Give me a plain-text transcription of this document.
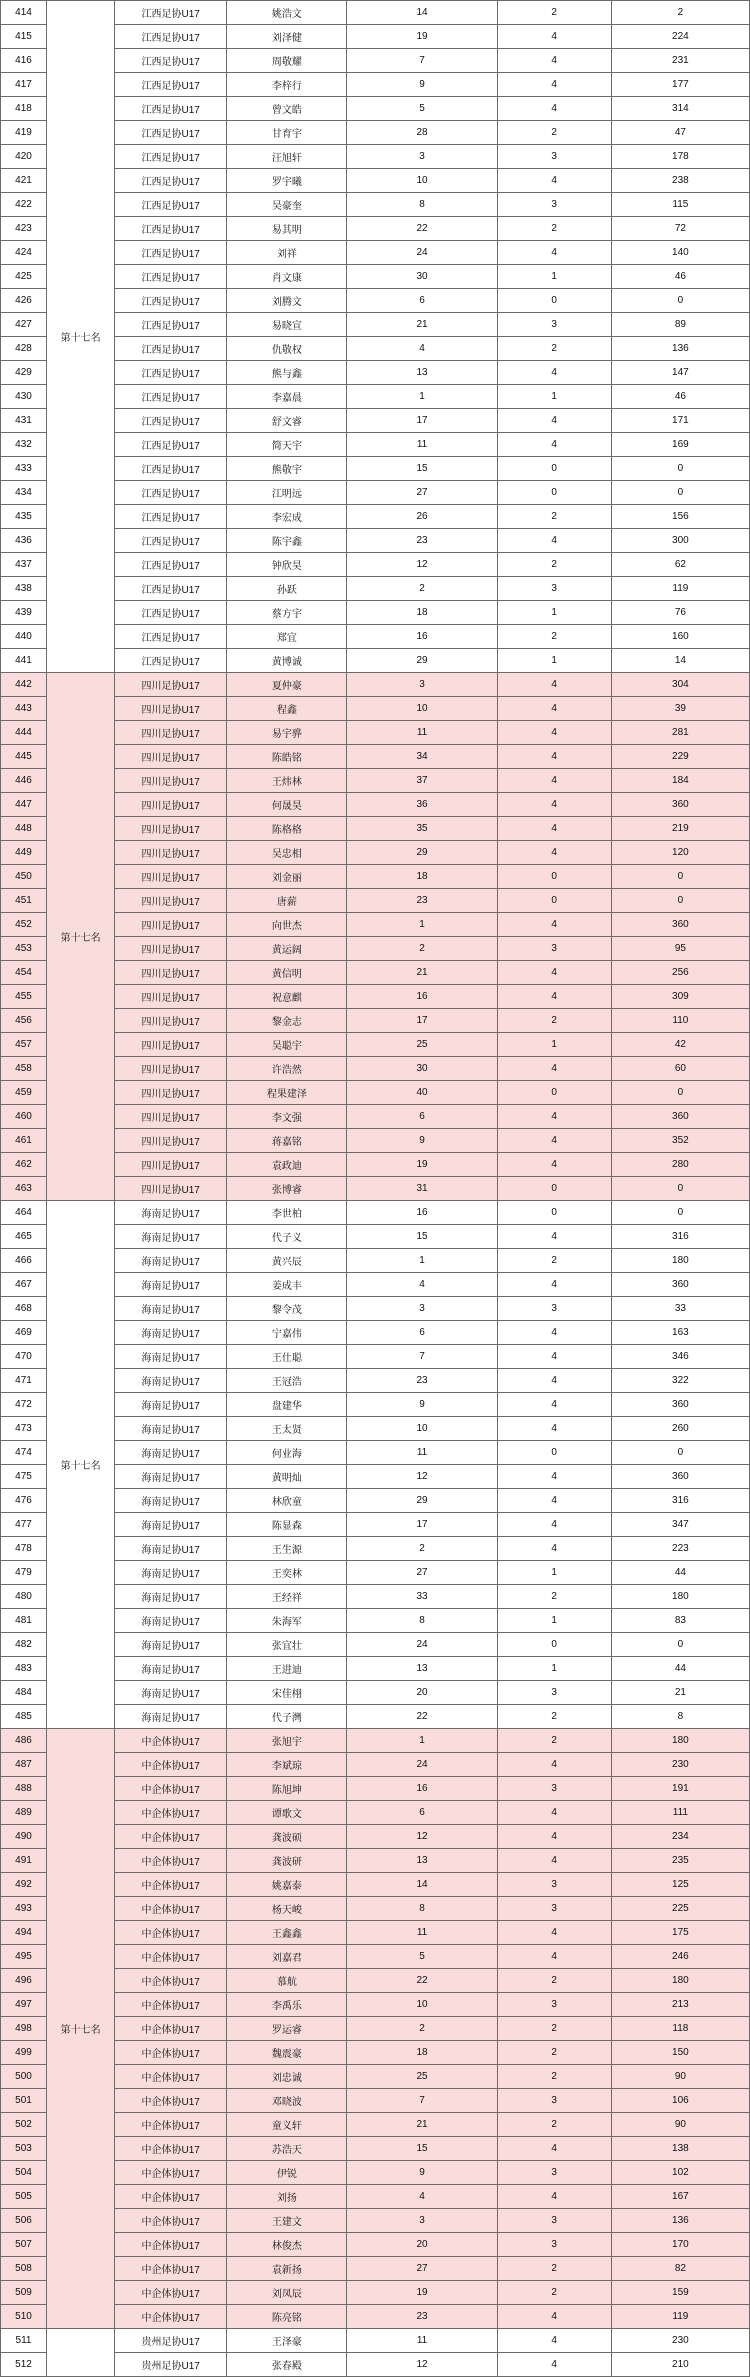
414	第十七名	江西足协U17	姚浩文	14	2	2
415		江西足协U17	刘泽健	19	4	224
416		江西足协U17	周敬耀	7	4	231
417		江西足协U17	李梓行	9	4	177
418		江西足协U17	曾文皓	5	4	314
419		江西足协U17	甘育宇	28	2	47
420		江西足协U17	汪旭轩	3	3	178
421		江西足协U17	罗宇曦	10	4	238
422		江西足协U17	吴豪奎	8	3	115
423		江西足协U17	易其明	22	2	72
424		江西足协U17	刘祥	24	4	140
425		江西足协U17	肖文康	30	1	46
426		江西足协U17	刘腾文	6	0	0
427		江西足协U17	易晓宣	21	3	89
428		江西足协U17	仇敬权	4	2	136
429		江西足协U17	熊与鑫	13	4	147
430		江西足协U17	李嘉晨	1	1	46
431		江西足协U17	舒文睿	17	4	171
432		江西足协U17	简天宇	11	4	169
433		江西足协U17	熊敬宇	15	0	0
434		江西足协U17	江明远	27	0	0
435		江西足协U17	李宏成	26	2	156
436		江西足协U17	陈宇鑫	23	4	300
437		江西足协U17	钟欣昊	12	2	62
438		江西足协U17	孙跃	2	3	119
439		江西足协U17	蔡方宇	18	1	76
440		江西足协U17	郑宜	16	2	160
441		江西足协U17	黄博诚	29	1	14
442	第十七名	四川足协U17	夏仲豪	3	4	304
443		四川足协U17	程鑫	10	4	39
444		四川足协U17	易宇骅	11	4	281
445		四川足协U17	陈皓铭	34	4	229
446		四川足协U17	王炜林	37	4	184
447		四川足协U17	何晟昊	36	4	360
448		四川足协U17	陈格格	35	4	219
449		四川足协U17	吴忠相	29	4	120
450		四川足协U17	刘金丽	18	0	0
451		四川足协U17	唐薪	23	0	0
452		四川足协U17	向世杰	1	4	360
453		四川足协U17	黄运阔	2	3	95
454		四川足协U17	黄信明	21	4	256
455		四川足协U17	祝意麒	16	4	309
456		四川足协U17	黎金志	17	2	110
457		四川足协U17	吴聪宇	25	1	42
458		四川足协U17	许浩然	30	4	60
459		四川足协U17	程果建泽	40	0	0
460		四川足协U17	李文强	6	4	360
461		四川足协U17	蒋嘉铭	9	4	352
462		四川足协U17	袁政迪	19	4	280
463		四川足协U17	张博睿	31	0	0
464	第十七名	海南足协U17	李世柏	16	0	0
465		海南足协U17	代子义	15	4	316
466		海南足协U17	黄兴辰	1	2	180
467		海南足协U17	姜成丰	4	4	360
468		海南足协U17	黎令茂	3	3	33
469		海南足协U17	宁嘉伟	6	4	163
470		海南足协U17	王仕聪	7	4	346
471		海南足协U17	王冠浩	23	4	322
472		海南足协U17	盘建华	9	4	360
473		海南足协U17	王太贤	10	4	260
474		海南足协U17	何业海	11	0	0
475		海南足协U17	黄明灿	12	4	360
476		海南足协U17	林欣童	29	4	316
477		海南足协U17	陈显森	17	4	347
478		海南足协U17	王生源	2	4	223
479		海南足协U17	王奕林	27	1	44
480		海南足协U17	王经祥	33	2	180
481		海南足协U17	朱海军	8	1	83
482		海南足协U17	张宜壮	24	0	0
483		海南足协U17	王进迪	13	1	44
484		海南足协U17	宋佳栩	20	3	21
485		海南足协U17	代子灣	22	2	8
486	第十七名	中企体协U17	张旭宇	1	2	180
487		中企体协U17	李斌琼	24	4	230
488		中企体协U17	陈旭坤	16	3	191
489		中企体协U17	谭歌文	6	4	111
490		中企体协U17	龚波硕	12	4	234
491		中企体协U17	龚波研	13	4	235
492		中企体协U17	姚嘉泰	14	3	125
493		中企体协U17	杨天峻	8	3	225
494		中企体协U17	王鑫鑫	11	4	175
495		中企体协U17	刘嘉君	5	4	246
496		中企体协U17	慕航	22	2	180
497		中企体协U17	李禹乐	10	3	213
498		中企体协U17	罗运睿	2	2	118
499		中企体协U17	魏震豪	18	2	150
500		中企体协U17	刘忠诚	25	2	90
501		中企体协U17	邓晓波	7	3	106
502		中企体协U17	童义轩	21	2	90
503		中企体协U17	苏浩天	15	4	138
504		中企体协U17	伊锐	9	3	102
505		中企体协U17	刘扬	4	4	167
506		中企体协U17	王建文	3	3	136
507		中企体协U17	林俊杰	20	3	170
508		中企体协U17	袁新扬	27	2	82
509		中企体协U17	刘凤辰	19	2	159
510		中企体协U17	陈亮铭	23	4	119
511		贵州足协U17	王泽豪	11	4	230
512		贵州足协U17	张春殿	12	4	210
